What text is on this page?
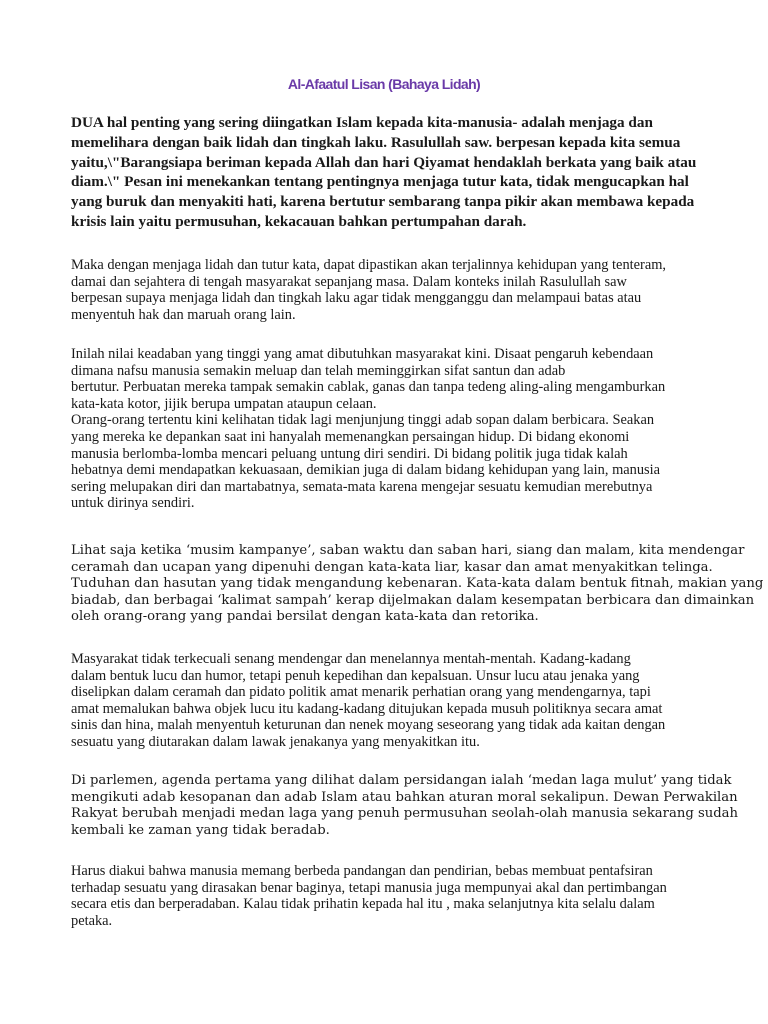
Al-Afaatul Lisan (Bahaya Lidah)
DUA hal penting yang sering diingatkan Islam kepada kita-manusia- adalah menjaga dan
memelihara dengan baik lidah dan tingkah laku. Rasulullah saw. berpesan kepada kita semua
yaitu,\"Barangsiapa beriman kepada Allah dan hari Qiyamat hendaklah berkata yang baik atau
diam.\" Pesan ini menekankan tentang pentingnya menjaga tutur kata, tidak mengucapkan hal
yang buruk dan menyakiti hati, karena bertutur sembarang tanpa pikir akan membawa kepada
krisis lain yaitu permusuhan, kekacauan bahkan pertumpahan darah.
Maka dengan menjaga lidah dan tutur kata, dapat dipastikan akan terjalinnya kehidupan yang tenteram,
damai dan sejahtera di tengah masyarakat sepanjang masa. Dalam konteks inilah Rasulullah saw
berpesan supaya menjaga lidah dan tingkah laku agar tidak mengganggu dan melampaui batas atau
menyentuh hak dan maruah orang lain.
Inilah nilai keadaban yang tinggi yang amat dibutuhkan masyarakat kini. Disaat pengaruh kebendaan
dimana nafsu manusia semakin meluap dan telah meminggirkan sifat santun dan adab
bertutur. Perbuatan mereka tampak semakin cablak, ganas dan tanpa tedeng aling-aling mengamburkan
kata-kata kotor, jijik berupa umpatan ataupun celaan.
Orang-orang tertentu kini kelihatan tidak lagi menjunjung tinggi adab sopan dalam berbicara. Seakan
yang mereka ke depankan saat ini hanyalah memenangkan persaingan hidup. Di bidang ekonomi
manusia berlomba-lomba mencari peluang untung diri sendiri. Di bidang politik juga tidak kalah
hebatnya demi mendapatkan kekuasaan, demikian juga di dalam bidang kehidupan yang lain, manusia
sering melupakan diri dan martabatnya, semata-mata karena mengejar sesuatu kemudian merebutnya
untuk dirinya sendiri.
Lihat saja ketika ‘musim kampanye’, saban waktu dan saban hari, siang dan malam, kita mendengar
ceramah dan ucapan yang dipenuhi dengan kata-kata liar, kasar dan amat menyakitkan telinga.
Tuduhan dan hasutan yang tidak mengandung kebenaran. Kata-kata dalam bentuk fitnah, makian yang
biadab, dan berbagai ‘kalimat sampah’ kerap dijelmakan dalam kesempatan berbicara dan dimainkan
oleh orang-orang yang pandai bersilat dengan kata-kata dan retorika.
Masyarakat tidak terkecuali senang mendengar dan menelannya mentah-mentah. Kadang-kadang
dalam bentuk lucu dan humor, tetapi penuh kepedihan dan kepalsuan. Unsur lucu atau jenaka yang
diselipkan dalam ceramah dan pidato politik amat menarik perhatian orang yang mendengarnya, tapi
amat memalukan bahwa objek lucu itu kadang-kadang ditujukan kepada musuh politiknya secara amat
sinis dan hina, malah menyentuh keturunan dan nenek moyang seseorang yang tidak ada kaitan dengan
sesuatu yang diutarakan dalam lawak jenakanya yang menyakitkan itu.
Di parlemen, agenda pertama yang dilihat dalam persidangan ialah ‘medan laga mulut’ yang tidak
mengikuti adab kesopanan dan adab Islam atau bahkan aturan moral sekalipun. Dewan Perwakilan
Rakyat berubah menjadi medan laga yang penuh permusuhan seolah-olah manusia sekarang sudah
kembali ke zaman yang tidak beradab.
Harus diakui bahwa manusia memang berbeda pandangan dan pendirian, bebas membuat pentafsiran
terhadap sesuatu yang dirasakan benar baginya, tetapi manusia juga mempunyai akal dan pertimbangan
secara etis dan berperadaban. Kalau tidak prihatin kepada hal itu , maka selanjutnya kita selalu dalam
petaka.
